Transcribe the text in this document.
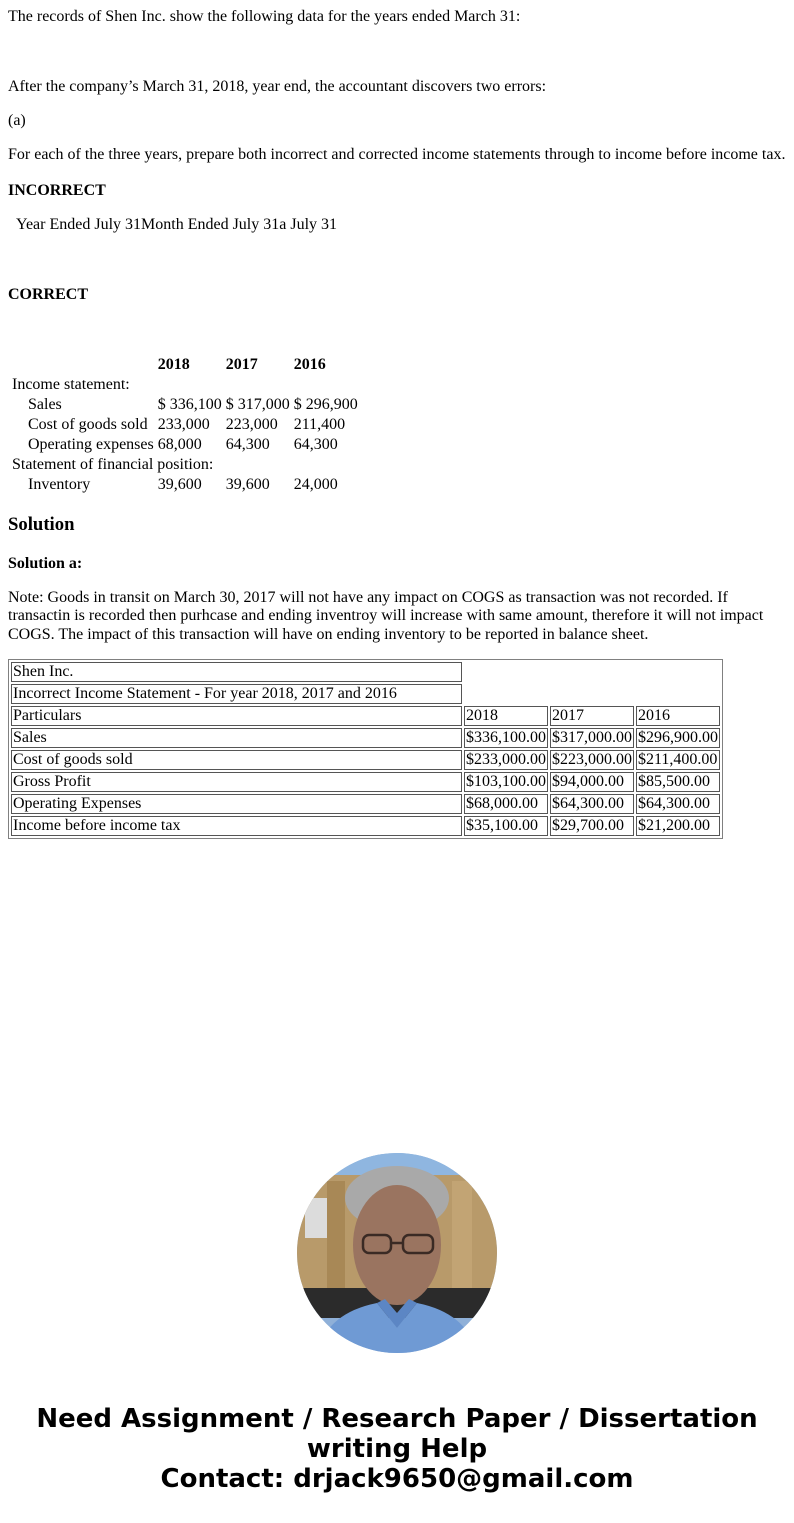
The records of Shen Inc. show the following data for the years ended March 31:
After the company’s March 31, 2018, year end, the accountant discovers two errors:
(a)
For each of the three years, prepare both incorrect and corrected income statements through to income before income tax.
INCORRECT
Year Ended July 31Month Ended July 31a July 31
CORRECT
	2018	2017	2016
Income statement:			
Sales	$ 336,100	$ 317,000	$ 296,900
Cost of goods sold	233,000	223,000	211,400
Operating expenses	68,000	64,300	64,300
Statement of financial position:			
Inventory	39,600	39,600	24,000
Solution
Solution a:
Note: Goods in transit on March 30, 2017 will not have any impact on COGS as transaction was not recorded. If transactin is recorded then purhcase and ending inventroy will increase with same amount, therefore it will not impact COGS. The impact of this transaction will have on ending inventory to be reported in balance sheet.
Shen Inc.			
Incorrect Income Statement - For year 2018, 2017 and 2016			
Particulars	2018	2017	2016
Sales	$336,100.00	$317,000.00	$296,900.00
Cost of goods sold	$233,000.00	$223,000.00	$211,400.00
Gross Profit	$103,100.00	$94,000.00	$85,500.00
Operating Expenses	$68,000.00	$64,300.00	$64,300.00
Income before income tax	$35,100.00	$29,700.00	$21,200.00
Need Assignment / Research Paper / Dissertation
writing Help
Contact: drjack9650@gmail.com
